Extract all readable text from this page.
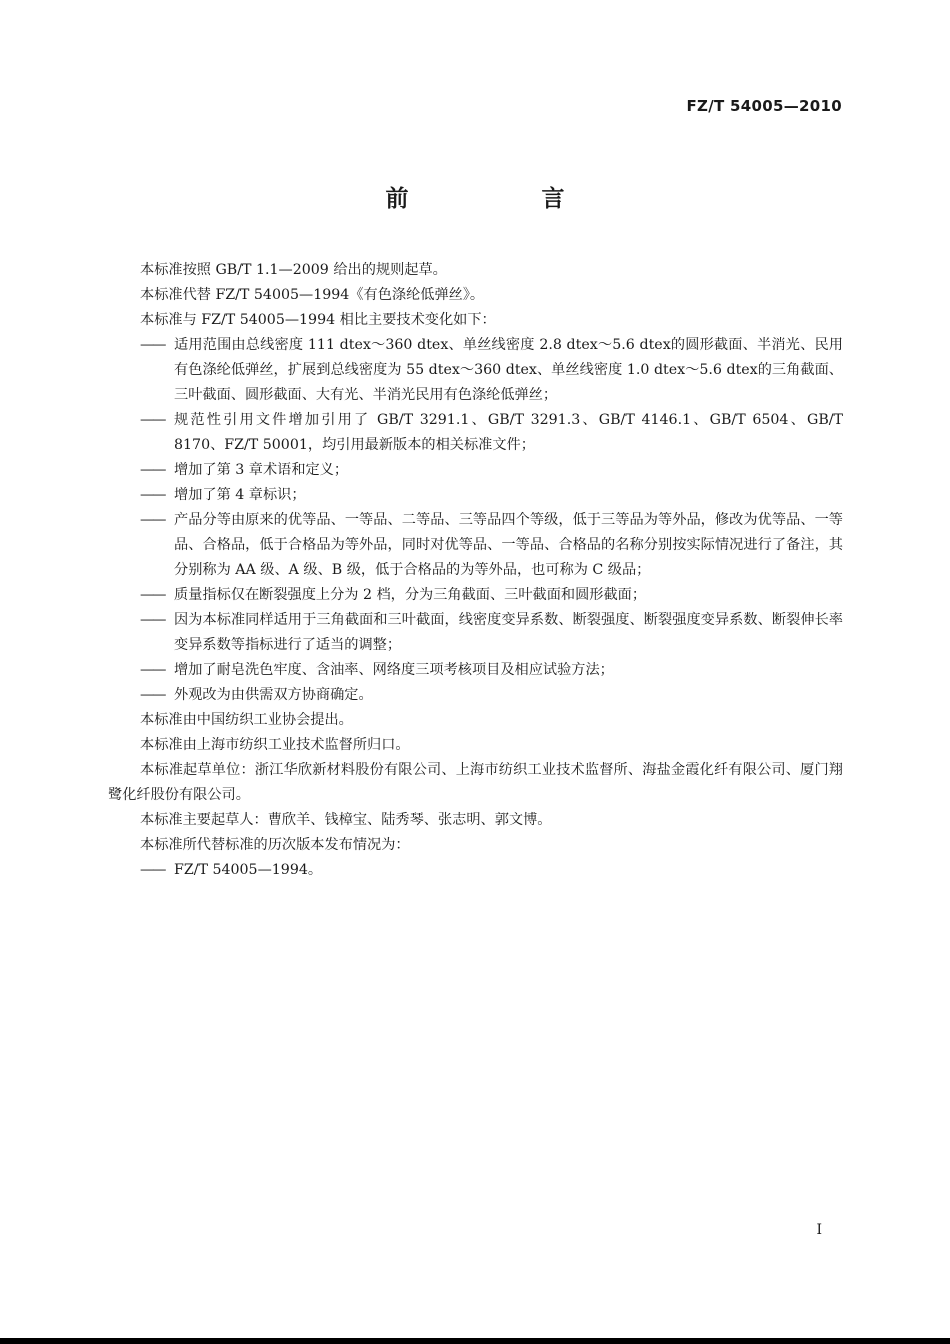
FZ/T 54005—2010
前　言

本标准按照 GB/T 1.1—2009 给出的规则起草。

本标准代替 FZ/T 54005—1994《有色涤纶低弹丝》。

本标准与 FZ/T 54005—1994 相比主要技术变化如下：

—— 适用范围由总线密度 111 dtex～360 dtex、单丝线密度 2.8 dtex～5.6 dtex的圆形截面、半消光、民用有色涤纶低弹丝，扩展到总线密度为 55 dtex～360 dtex、单丝线密度 1.0 dtex～5.6 dtex的三角截面、三叶截面、圆形截面、大有光、半消光民用有色涤纶低弹丝；

—— 规范性引用文件增加引用了 GB/T 3291.1、GB/T 3291.3、GB/T 4146.1、GB/T 6504、GB/T 8170、FZ/T 50001，均引用最新版本的相关标准文件；

—— 增加了第 3 章术语和定义；

—— 增加了第 4 章标识；

—— 产品分等由原来的优等品、一等品、二等品、三等品四个等级，低于三等品为等外品，修改为优等品、一等品、合格品，低于合格品为等外品，同时对优等品、一等品、合格品的名称分别按实际情况进行了备注，其分别称为 AA 级、A 级、B 级，低于合格品的为等外品，也可称为 C 级品；

—— 质量指标仅在断裂强度上分为 2 档，分为三角截面、三叶截面和圆形截面；

—— 因为本标准同样适用于三角截面和三叶截面，线密度变异系数、断裂强度、断裂强度变异系数、断裂伸长率变异系数等指标进行了适当的调整；

—— 增加了耐皂洗色牢度、含油率、网络度三项考核项目及相应试验方法；

—— 外观改为由供需双方协商确定。

本标准由中国纺织工业协会提出。

本标准由上海市纺织工业技术监督所归口。

本标准起草单位：浙江华欣新材料股份有限公司、上海市纺织工业技术监督所、海盐金霞化纤有限公司、厦门翔鹭化纤股份有限公司。

本标准主要起草人：曹欣羊、钱樟宝、陆秀琴、张志明、郭文博。

本标准所代替标准的历次版本发布情况为：

—— FZ/T 54005—1994。

I
